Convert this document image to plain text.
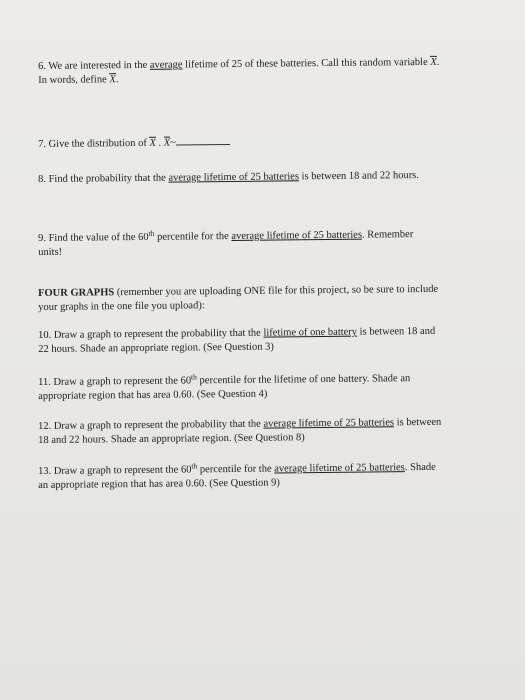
6. We are interested in the average lifetime of 25 of these batteries. Call this random variable X.
In words, define X.
7. Give the distribution of X . X~
8. Find the probability that the average lifetime of 25 batteries is between 18 and 22 hours.
9. Find the value of the 60th percentile for the average lifetime of 25 batteries. Remember
units!
FOUR GRAPHS (remember you are uploading ONE file for this project, so be sure to include
your graphs in the one file you upload):
10. Draw a graph to represent the probability that the lifetime of one battery is between 18 and
22 hours. Shade an appropriate region. (See Question 3)
11. Draw a graph to represent the 60th percentile for the lifetime of one battery. Shade an
appropriate region that has area 0.60. (See Question 4)
12. Draw a graph to represent the probability that the average lifetime of 25 batteries is between
18 and 22 hours. Shade an appropriate region. (See Question 8)
13. Draw a graph to represent the 60th percentile for the average lifetime of 25 batteries. Shade
an appropriate region that has area 0.60. (See Question 9)
